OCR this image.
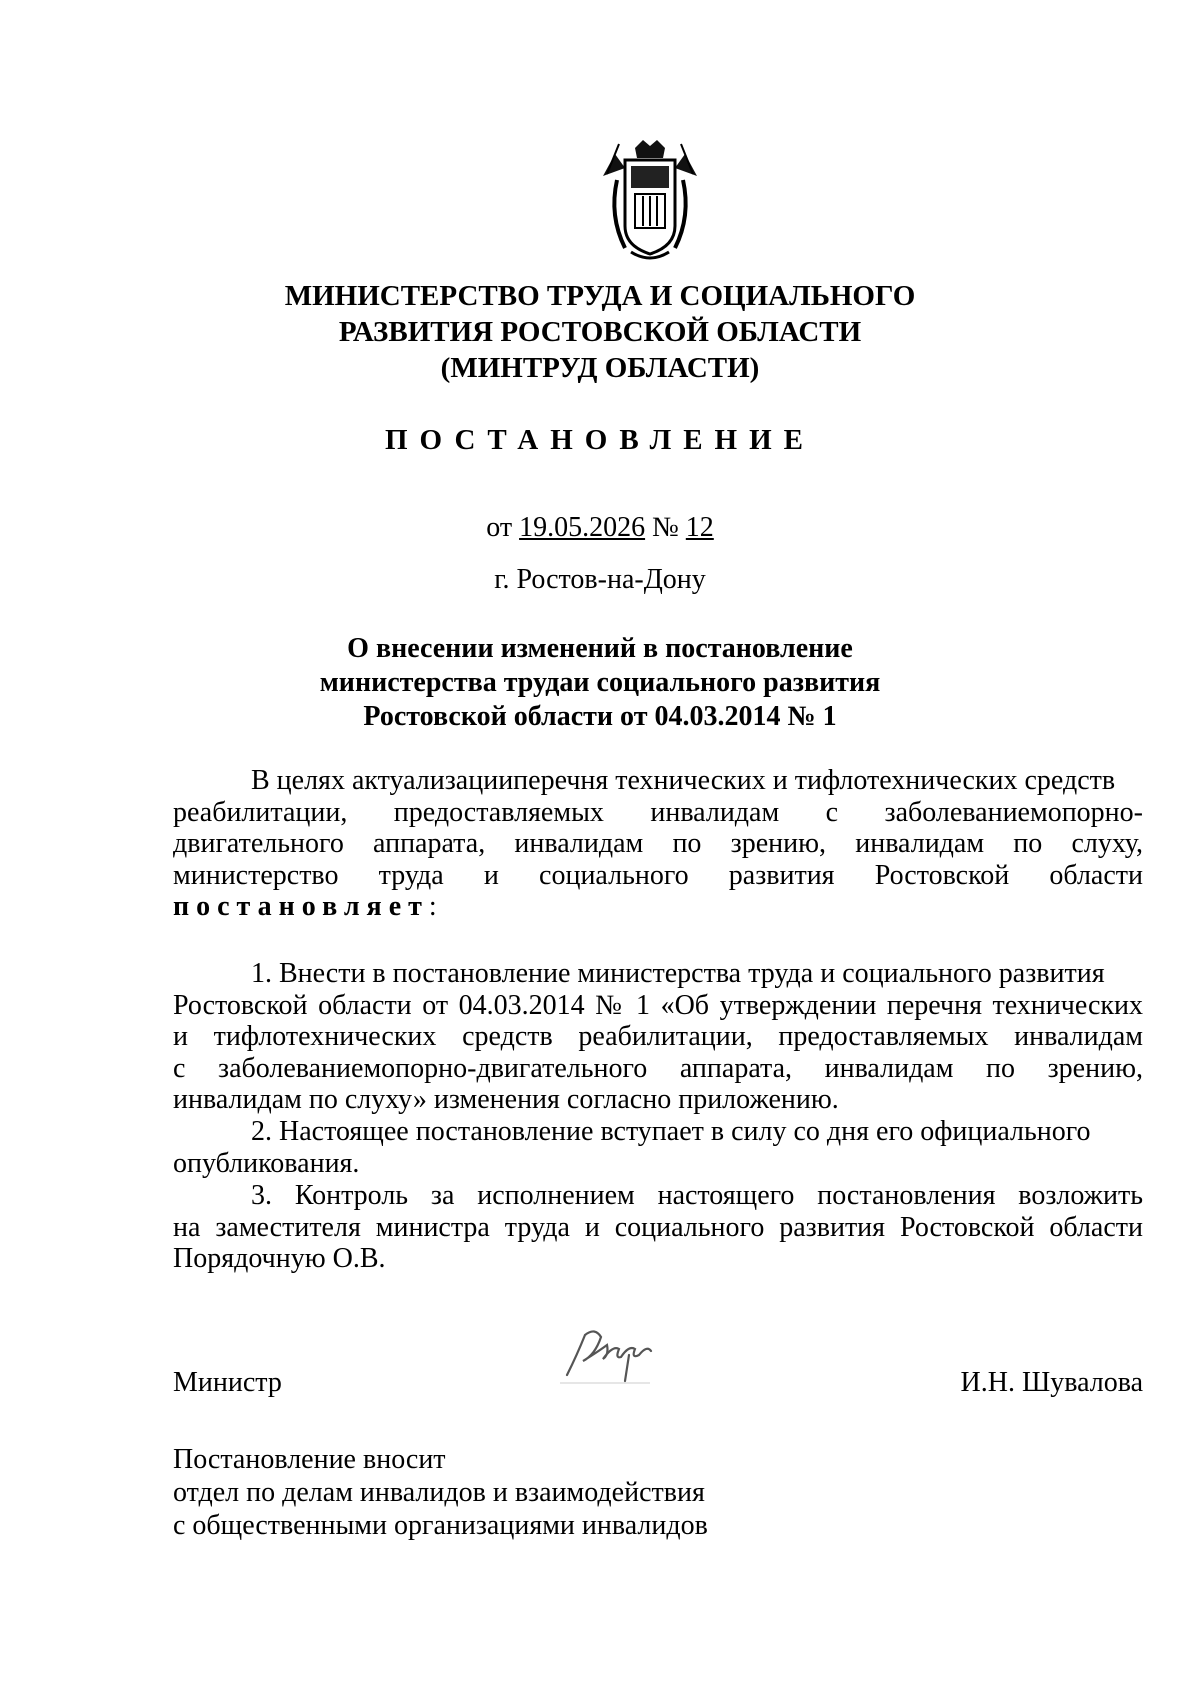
МИНИСТЕРСТВО ТРУДА И СОЦИАЛЬНОГО
РАЗВИТИЯ РОСТОВСКОЙ ОБЛАСТИ
(МИНТРУД ОБЛАСТИ)
ПОСТАНОВЛЕНИЕ
от 19.05.2026 № 12
г. Ростов-на-Дону
О внесении изменений в постановление
министерства трудаи социального развития
Ростовской области от 04.03.2014 № 1
В целях актуализацииперечня технических и тифлотехнических средств
реабилитации, предоставляемых инвалидам с заболеваниемопорно-
двигательного аппарата, инвалидам по зрению, инвалидам по слуху,
министерство труда и социального развития Ростовской области
постановляет:
1. Внести в постановление министерства труда и социального развития
Ростовской области от 04.03.2014 № 1 «Об утверждении перечня технических
и тифлотехнических средств реабилитации, предоставляемых инвалидам
с заболеваниемопорно-двигательного аппарата, инвалидам по зрению,
инвалидам по слуху» изменения согласно приложению.
2. Настоящее постановление вступает в силу со дня его официального
опубликования.
3. Контроль за исполнением настоящего постановления возложить
на заместителя министра труда и социального развития Ростовской области
Порядочную О.В.
Министр	И.Н. Шувалова
Постановление вносит
отдел по делам инвалидов и взаимодействия
с общественными организациями инвалидов
